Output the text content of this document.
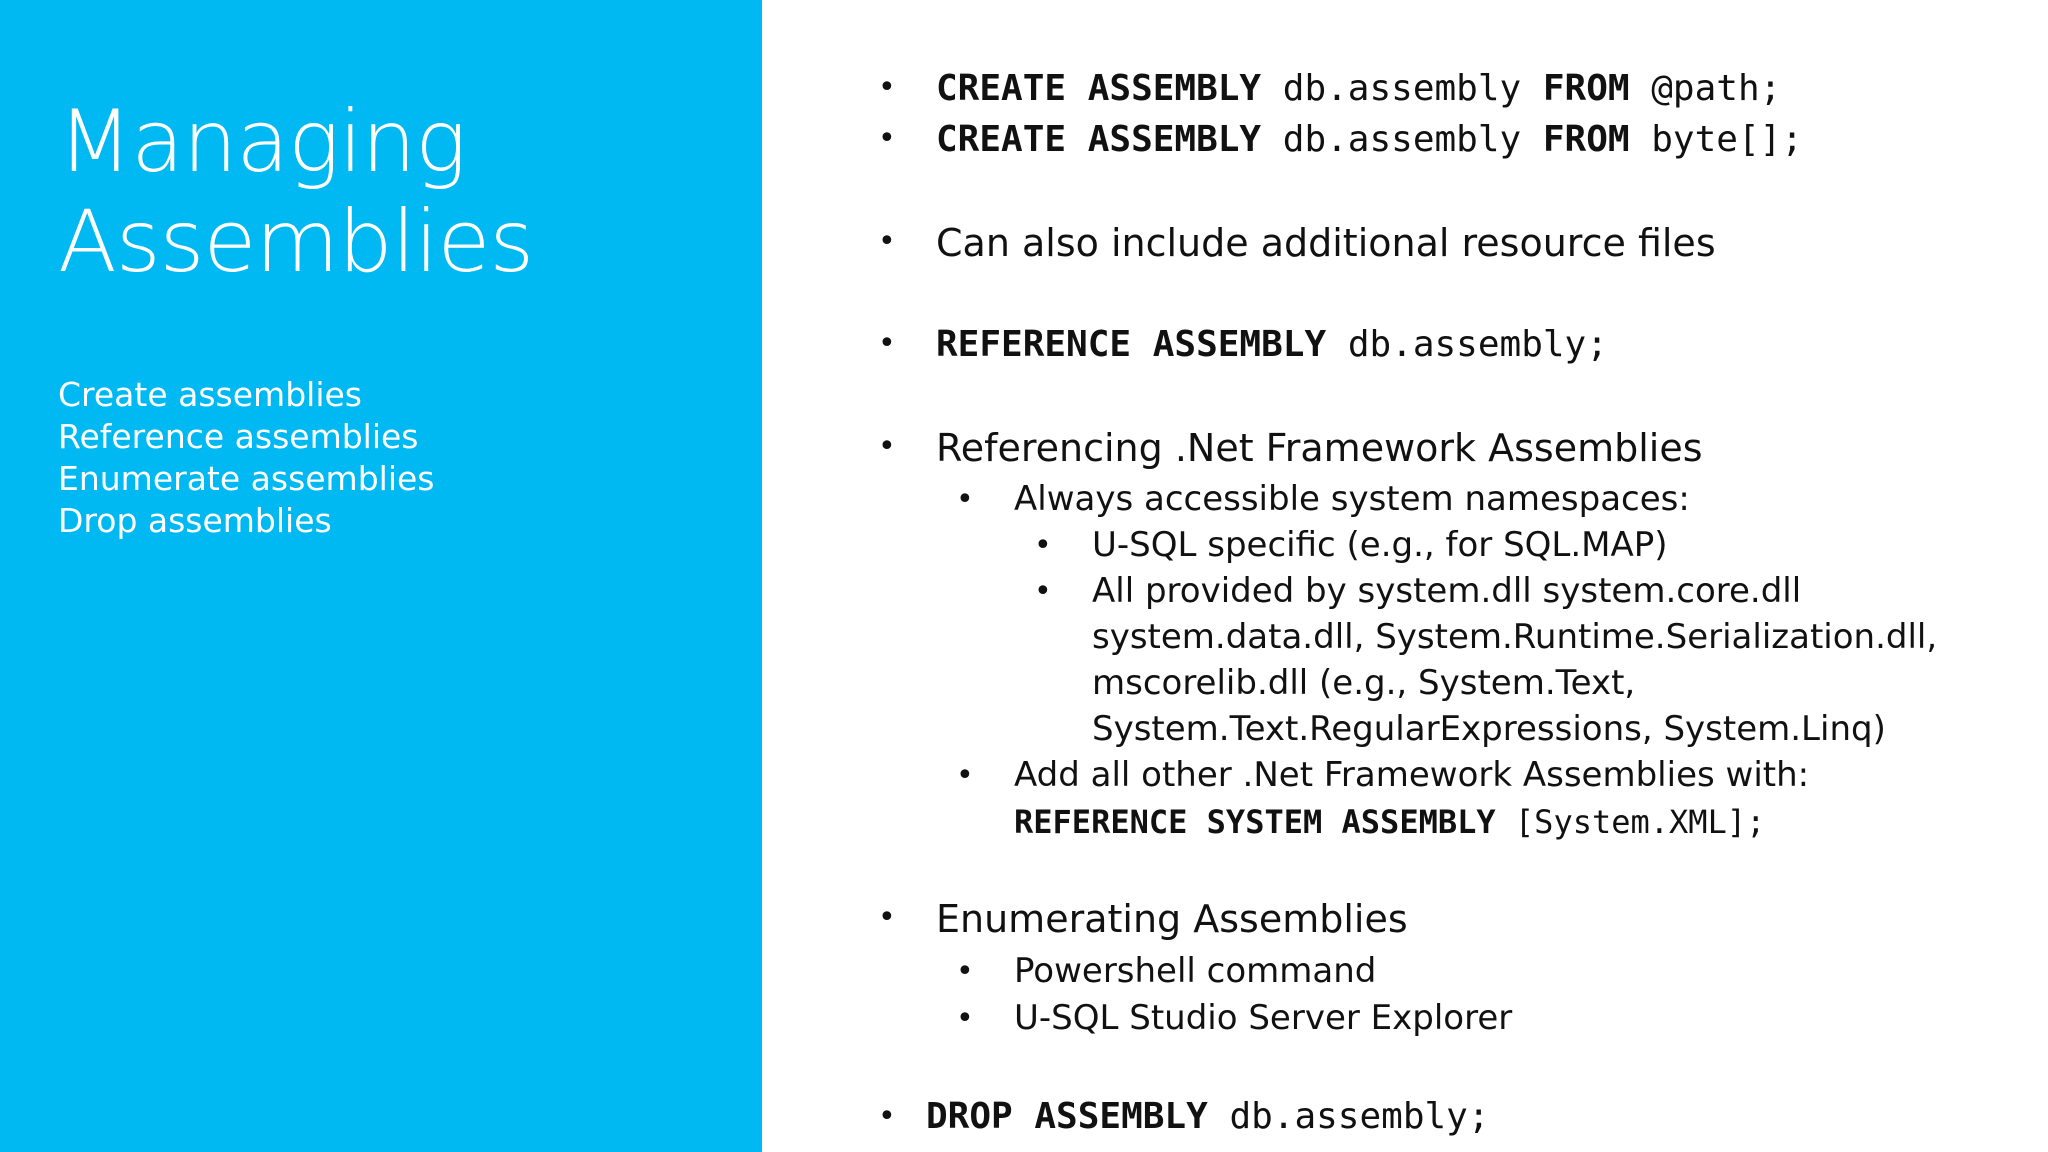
Managing
Assemblies
Create assemblies
Reference assemblies
Enumerate assemblies
Drop assemblies
• CREATE ASSEMBLY db.assembly FROM @path;
• CREATE ASSEMBLY db.assembly FROM byte[];
• Can also include additional resource files
• REFERENCE ASSEMBLY db.assembly;
• Referencing .Net Framework Assemblies
• Always accessible system namespaces:
• U-SQL specific (e.g., for SQL.MAP)
• All provided by system.dll system.core.dll
system.data.dll, System.Runtime.Serialization.dll,
mscorelib.dll (e.g., System.Text,
System.Text.RegularExpressions, System.Linq)
• Add all other .Net Framework Assemblies with:
REFERENCE SYSTEM ASSEMBLY [System.XML];
• Enumerating Assemblies
• Powershell command
• U-SQL Studio Server Explorer
• DROP ASSEMBLY db.assembly;
